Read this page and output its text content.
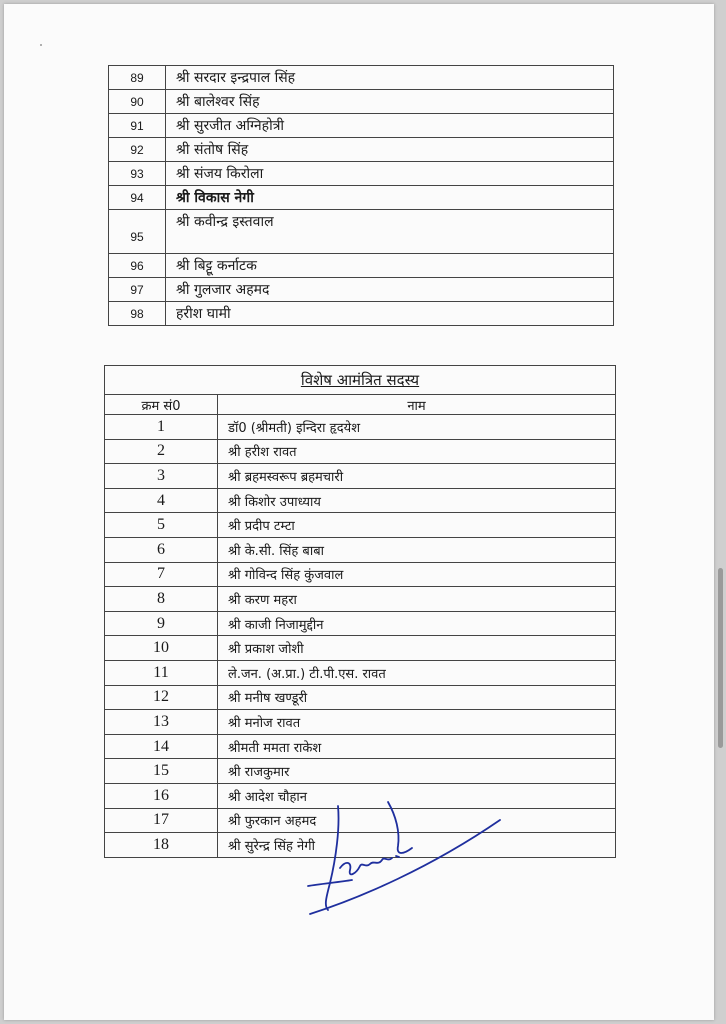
89	श्री सरदार इन्द्रपाल सिंह
90	श्री बालेश्वर सिंह
91	श्री सुरजीत अग्निहोत्री
92	श्री संतोष सिंह
93	श्री संजय किरोला
94	श्री विकास नेगी
95	श्री कवीन्द्र इस्तवाल
96	श्री बिट्टू कर्नाटक
97	श्री गुलजार अहमद
98	हरीश घामी
विशेष आमंत्रित सदस्य	
क्रम सं0	नाम
1	डॉ0 (श्रीमती) इन्दिरा हृदयेश
2	श्री हरीश रावत
3	श्री ब्रहमस्वरूप ब्रहमचारी
4	श्री किशोर उपाध्याय
5	श्री प्रदीप टम्टा
6	श्री के.सी. सिंह बाबा
7	श्री गोविन्द सिंह कुंजवाल
8	श्री करण महरा
9	श्री काजी निजामुद्दीन
10	श्री प्रकाश जोशी
11	ले.जन. (अ.प्रा.) टी.पी.एस. रावत
12	श्री मनीष खण्डूरी
13	श्री मनोज रावत
14	श्रीमती ममता राकेश
15	श्री राजकुमार
16	श्री आदेश चौहान
17	श्री फुरकान अहमद
18	श्री सुरेन्द्र सिंह नेगी
